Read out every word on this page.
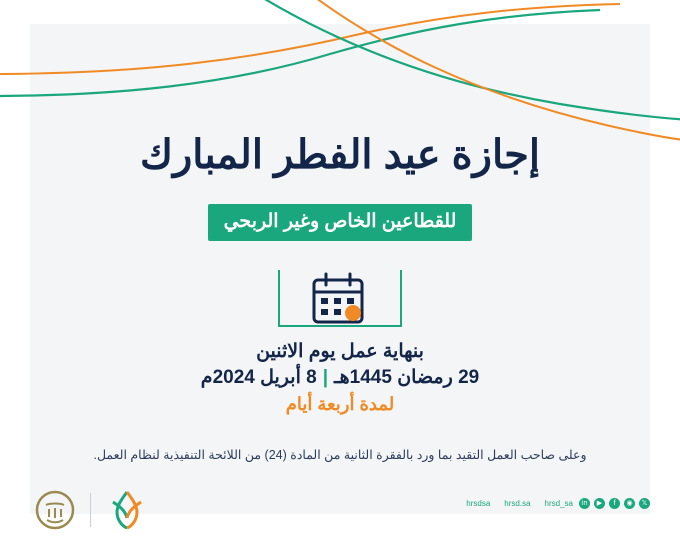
إجازة عيد الفطر المبارك
للقطاعين الخاص وغير الربحي
بنهاية عمل يوم الاثنين
29 رمضان 1445هـ|8 أبريل 2024م
لمدة أربعة أيام
وعلى صاحب العمل التقيد بما ورد بالفقرة الثانية من المادة (24) من اللائحة التنفيذية لنظام العمل.
𝕏
◉
f
▶
in
hrsd_sa
hrsd.sa
hrsdsa
